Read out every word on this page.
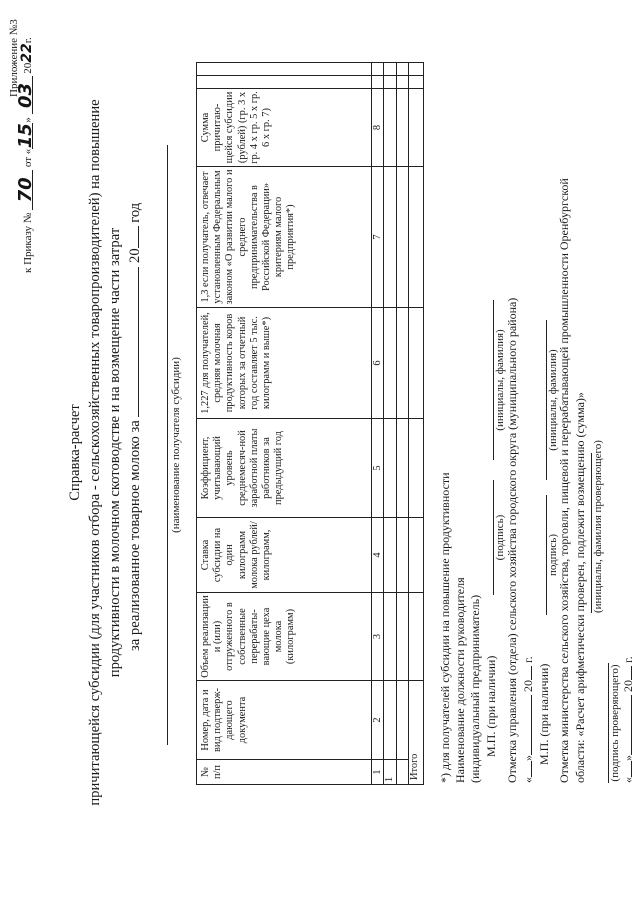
Приложение №3
к Приказу № 70 от «15» 03 2022г.
Справка-расчет причитающейся субсидии (для участников отбора - сельскохозяйственных товаропроизводителей) на повышение продуктивности в молочном скотоводстве и на возмещение части затрат за реализованное товарное молоко за  20 год
(наименование получателя субсидии)
№ п/п	Номер, дата и вид подтверж-дающего документа	Объем реализации и (или) отгруженного в собственные перерабаты-вающие цеха молока (килограмм)	Ставка субсидии на один килограмм молока рублей/ килограмм,	Коэффициент, учитывающий уровень среднемесяч-ной заработной платы работников за предыдущий год	1,227 для получателей, средняя молочная продуктивность коров которых за отчетный год составляет 5 тыс. килограмм и выше*)	1,3 если получатель, отвечает установленным Федеральным законом «О развитии малого и среднего предпринимательства в Российской Федерации» критериям малого предприятия*)	Сумма причитаю-щейся субсидии (рублей) (гр. 3 x гр. 4 x гр. 5 x гр. 6 x гр. 7)		
1	2	3	4	5	6	7	8		
1									

Итого									*) для получателей субсидии на повышение продуктивности Наименование должности руководителя (индивидуальный предприниматель) М.П. (при наличии)
(подпись)
(инициалы, фамилия) Отметка управления (отдела) сельского хозяйства городского округа (муниципального района) «» 20 г.
М.П. (при наличии)
подпись)
(инициалы, фамилия)
Отметка министерства сельского хозяйства, торговли, пищевой и перерабатывающей промышленности Оренбургской области: «Расчет арифметически проверен, подлежит возмещению (сумма)» (инициалы, фамилия проверяющего)
(подпись проверяющего) «» 20 г.
